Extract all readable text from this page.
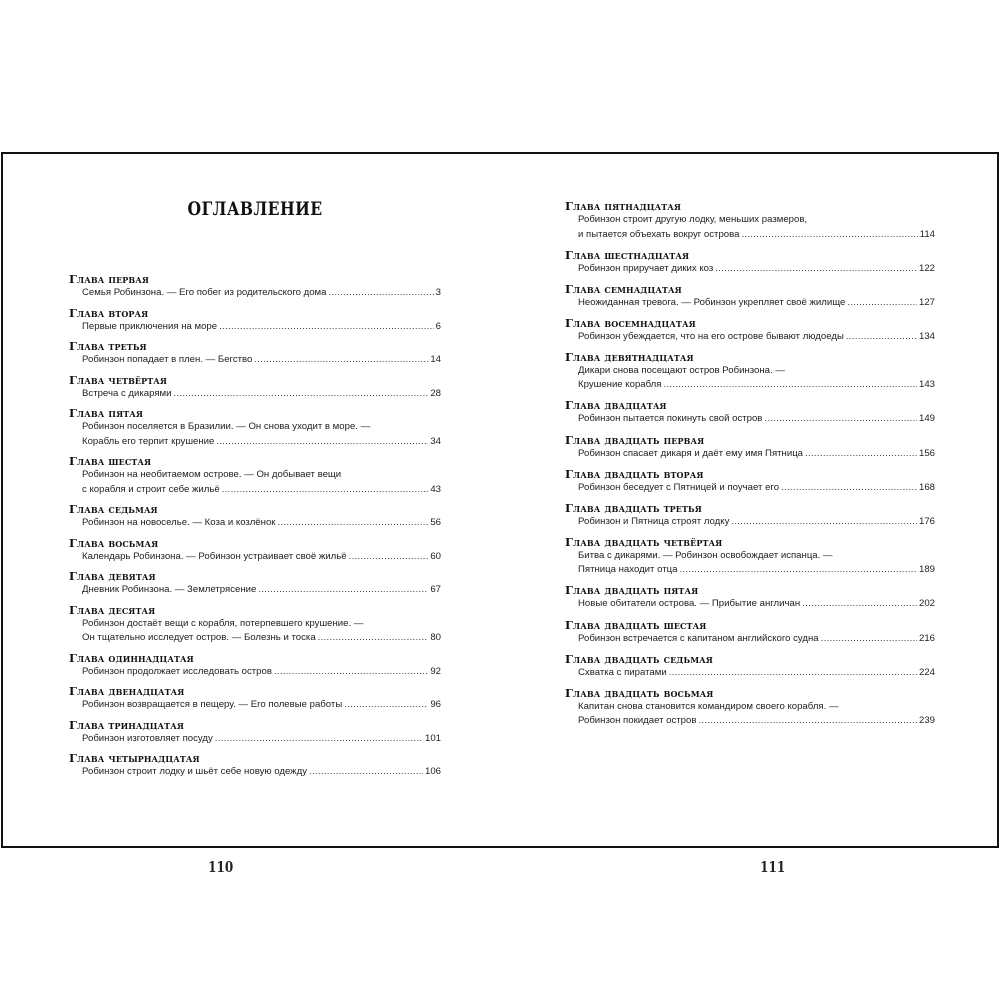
ОГЛАВЛЕНИЕ
Глава первая
Семья Робинзона. — Его побег из родительского дома .....	3
Глава вторая
Первые приключения на море .....	6
Глава третья
Робинзон попадает в плен. — Бегство .....	14
Глава четвёртая
Встреча с дикарями .....	28
Глава пятая
Робинзон поселяется в Бразилии. — Он снова уходит в море. —
Корабль его терпит крушение .....	34
Глава шестая
Робинзон на необитаемом острове. — Он добывает вещи
с корабля и строит себе жильё .....	43
Глава седьмая
Робинзон на новоселье. — Коза и козлёнок .....	56
Глава восьмая
Календарь Робинзона. — Робинзон устраивает своё жильё .....	60
Глава девятая
Дневник Робинзона. — Землетрясение .....	67
Глава десятая
Робинзон достаёт вещи с корабля, потерпевшего крушение. —
Он тщательно исследует остров. — Болезнь и тоска .....	80
Глава одиннадцатая
Робинзон продолжает исследовать остров .....	92
Глава двенадцатая
Робинзон возвращается в пещеру. — Его полевые работы .....	96
Глава тринадцатая
Робинзон изготовляет посуду .....	101
Глава четырнадцатая
Робинзон строит лодку и шьёт себе новую одежду .....	106
Глава пятнадцатая
Робинзон строит другую лодку, меньших размеров,
и пытается объехать вокруг острова .....	114
Глава шестнадцатая
Робинзон приручает диких коз .....	122
Глава семнадцатая
Неожиданная тревога. — Робинзон укрепляет своё жилище .....	127
Глава восемнадцатая
Робинзон убеждается, что на его острове бывают людоеды .....	134
Глава девятнадцатая
Дикари снова посещают остров Робинзона. —
Крушение корабля .....	143
Глава двадцатая
Робинзон пытается покинуть свой остров .....	149
Глава двадцать первая
Робинзон спасает дикаря и даёт ему имя Пятница .....	156
Глава двадцать вторая
Робинзон беседует с Пятницей и поучает его .....	168
Глава двадцать третья
Робинзон и Пятница строят лодку .....	176
Глава двадцать четвёртая
Битва с дикарями. — Робинзон освобождает испанца. —
Пятница находит отца .....	189
Глава двадцать пятая
Новые обитатели острова. — Прибытие англичан .....	202
Глава двадцать шестая
Робинзон встречается с капитаном английского судна .....	216
Глава двадцать седьмая
Схватка с пиратами .....	224
Глава двадцать восьмая
Капитан снова становится командиром своего корабля. —
Робинзон покидает остров .....	239
110	111
